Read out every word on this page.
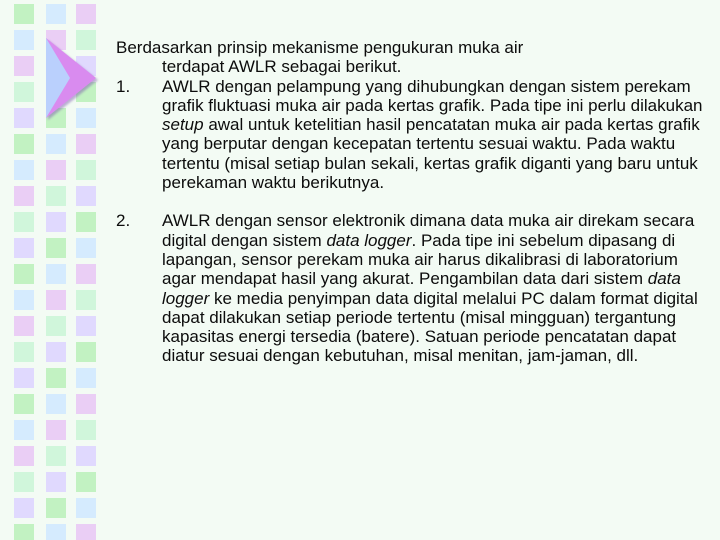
Berdasarkan prinsip mekanisme pengukuran muka air
terdapat AWLR sebagai berikut.

1.	AWLR dengan pelampung yang dihubungkan dengan sistem perekam grafik fluktuasi muka air pada kertas grafik. Pada tipe ini perlu dilakukan setup awal untuk ketelitian hasil pencatatan muka air pada kertas grafik yang berputar dengan kecepatan tertentu sesuai waktu. Pada waktu tertentu (misal setiap bulan sekali, kertas grafik diganti yang baru untuk perekaman waktu berikutnya.
2.	AWLR dengan sensor elektronik dimana data muka air direkam secara digital dengan sistem data logger. Pada tipe ini sebelum dipasang di lapangan, sensor perekam muka air harus dikalibrasi di laboratorium agar mendapat hasil yang akurat. Pengambilan data dari sistem data logger ke media penyimpan data digital melalui PC dalam format digital dapat dilakukan setiap periode tertentu (misal mingguan) tergantung kapasitas energi tersedia (batere). Satuan periode pencatatan dapat diatur sesuai dengan kebutuhan, misal menitan, jam-jaman, dll.
